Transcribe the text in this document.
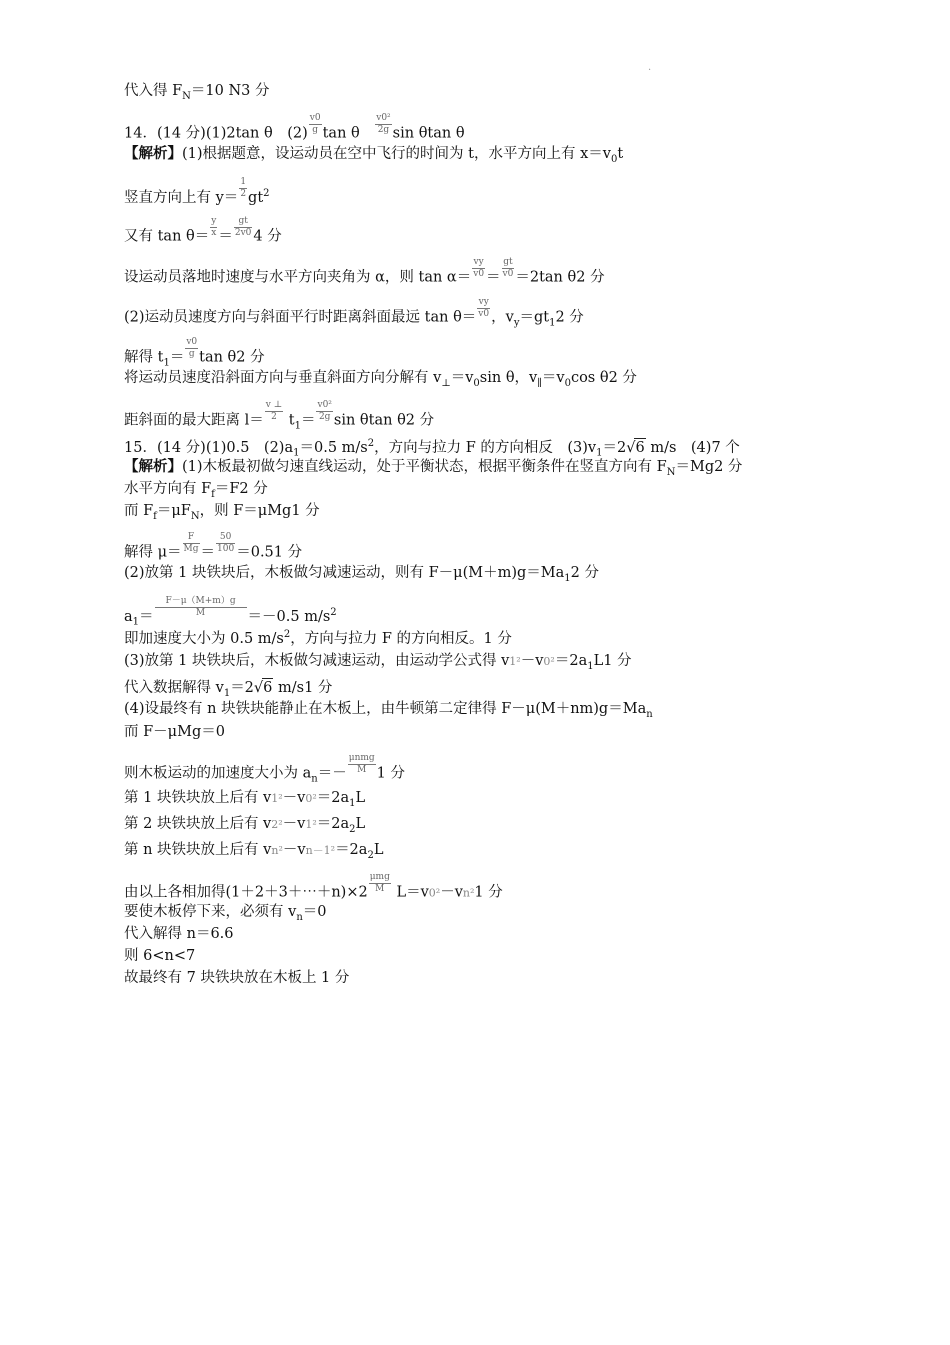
.
代入得 $F_N=10$ N3 分
14．(14 分)(1)2tan θ　$(2) \frac{v0}{g}$ tan θ　 $\frac{\text{v0²}}{2g}$ sin θtan θ
【解析】(1)根据题意，设运动员在空中飞行的时间为 t，水平方向上有 $x=v_0t$
竖直方向上有 $y= \frac{1}{2} gt^2$
又有 $\tan \theta= \frac{y}{x} = \frac{gt}{2v0} 4$ 分
设运动员落地时速度与水平方向夹角为 α，则 $\tan \alpha= \frac{vy}{v0} = \frac{gt}{v0} =2\tan$ θ2 分
(2)运动员速度方向与斜面平行时距离斜面最远 $\tan \theta= \frac{vy}{v0}$ ，$v_y=gt_12$ 分
解得 $t_1= \frac{v0}{g}$ tan θ2 分
将运动员速度沿斜面方向与垂直斜面方向分解有 $v_\perp=v_0\sin$ θ，$v_\parallel=v_0\cos$ θ2 分
距斜面的最大距离 $l= \frac{v \perp}{2} t_1= \frac{\text{v0²}}{2g}$ sin θtan θ2 分
15．(14 分)(1)0.5　$(2)a_1=0.5$ $m/s^2$，方向与拉力 F 的方向相反　$(3)v_1=2√6$ m/s　(4)7 个
【解析】(1)木板最初做匀速直线运动，处于平衡状态，根据平衡条件在竖直方向有 $F_N=Mg2$ 分
水平方向有 $F_f=F2$ 分
而 $F_f=\mu F_N$，则 F＝μMg1 分
解得 $\mu= \frac{F}{Mg} = \frac{50}{100} =0.51$ 分
(2)放第 1 块铁块后，木板做匀减速运动，则有 $F-\mu(M+m)g=Ma_12$ 分
$a_1= \frac{F-\mu(M+m)g}{M} =-0.5$ $m/s^2$
即加速度大小为 0.5 $m/s^2$，方向与拉力 F 的方向相反。1 分
(3)放第 1 块铁块后，木板做匀减速运动，由运动学公式得 $v1^2-v0^2=2a_1L1$ 分
代入数据解得 $v_1=2√6$ m/s1 分
(4)设最终有 n 块铁块能静止在木板上，由牛顿第二定律得 $F-\mu(M+nm)g=Ma_n$
而 F－μMg＝0
则木板运动的加速度大小为 $a_n=- \frac{\text{μnmg}}{M} 1$ 分
第 1 块铁块放上后有 $v1^2-v0^2=2a_1L$
第 2 块铁块放上后有 $v2^2-v1^2=2a_2L$
第 n 块铁块放上后有 $vn^2-vn-1^2=2a_2L$
由以上各相加得(1＋2＋3＋⋯＋n)×2 $\frac{\text{μmg}}{M} L=v0^2-vn^21$ 分
要使木板停下来，必须有 $v_n=0$
代入解得 n＝6.6
则 6<n<7
故最终有 7 块铁块放在木板上 1 分
